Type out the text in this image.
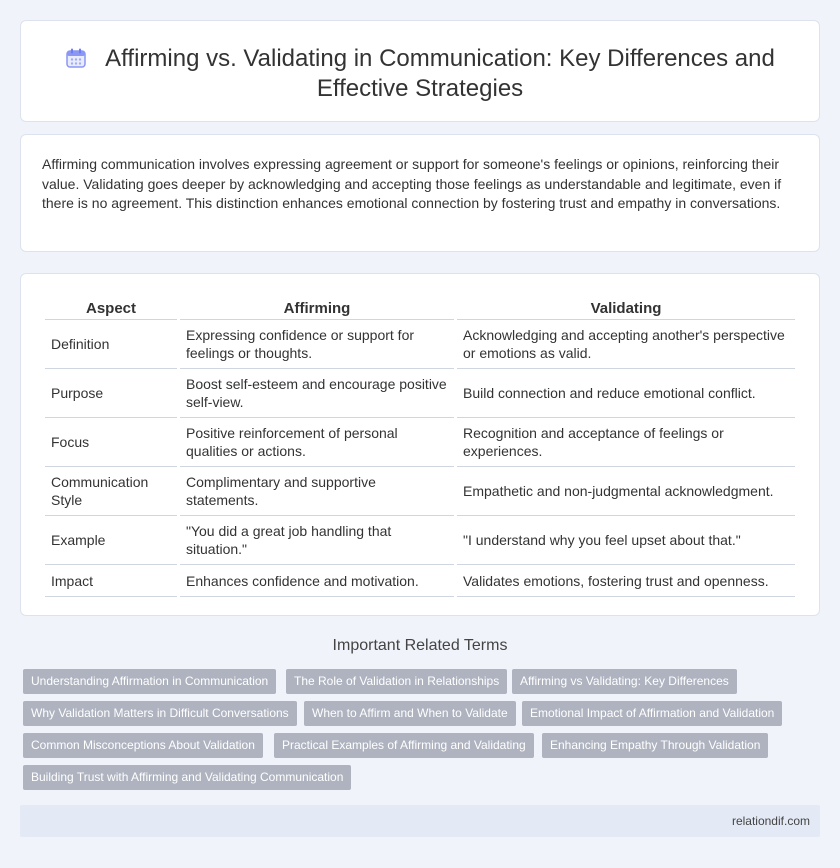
Affirming vs. Validating in Communication: Key Differences and Effective Strategies

Affirming communication involves expressing agreement or support for someone's feelings or opinions, reinforcing their value. Validating goes deeper by acknowledging and accepting those feelings as understandable and legitimate, even if there is no agreement. This distinction enhances emotional connection by fostering trust and empathy in conversations.

Aspect	Affirming	Validating
Definition	Expressing confidence or support for feelings or thoughts.	Acknowledging and accepting another's perspective or emotions as valid.
Purpose	Boost self-esteem and encourage positive self-view.	Build connection and reduce emotional conflict.
Focus	Positive reinforcement of personal qualities or actions.	Recognition and acceptance of feelings or experiences.
Communication Style	Complimentary and supportive statements.	Empathetic and non-judgmental acknowledgment.
Example	"You did a great job handling that situation."	"I understand why you feel upset about that."
Impact	Enhances confidence and motivation.	Validates emotions, fostering trust and openness.
Important Related Terms
Understanding Affirmation in Communication	The Role of Validation in Relationships	Affirming vs Validating: Key Differences
Why Validation Matters in Difficult Conversations	When to Affirm and When to Validate	Emotional Impact of Affirmation and Validation
Common Misconceptions About Validation	Practical Examples of Affirming and Validating	Enhancing Empathy Through Validation
Building Trust with Affirming and Validating Communication
relationdif.com
